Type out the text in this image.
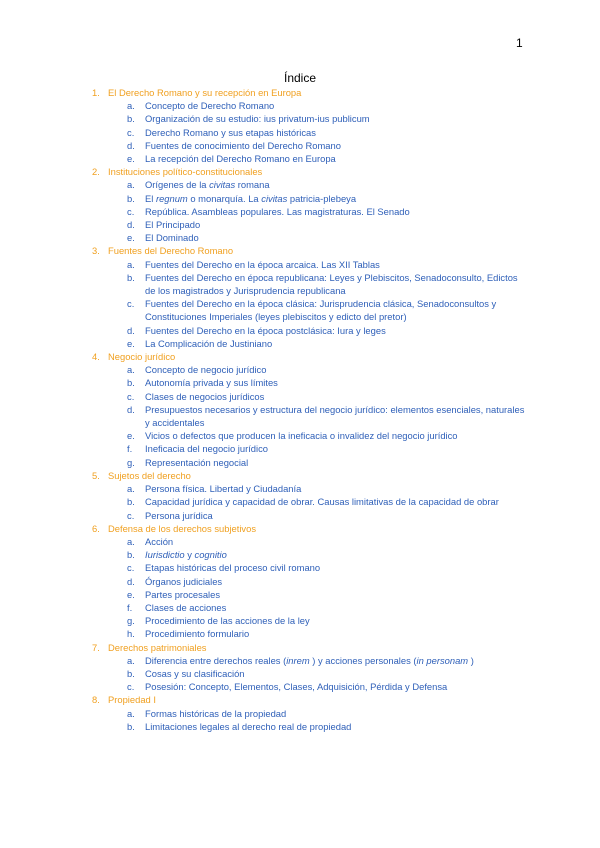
1
Índice
1. El Derecho Romano y su recepción en Europa
a. Concepto de Derecho Romano
b. Organización de su estudio: ius privatum-ius publicum
c. Derecho Romano y sus etapas históricas
d. Fuentes de conocimiento del Derecho Romano
e. La recepción del Derecho Romano en Europa
2. Instituciones político-constitucionales
a. Orígenes de la civitas romana
b. El regnum o monarquía. La civitas patricia-plebeya
c. República. Asambleas populares. Las magistraturas. El Senado
d. El Principado
e. El Dominado
3. Fuentes del Derecho Romano
a. Fuentes del Derecho en la época arcaica. Las XII Tablas
b. Fuentes del Derecho en época republicana: Leyes y Plebiscitos, Senadoconsulto, Edictos de los magistrados y Jurisprudencia republicana
c. Fuentes del Derecho en la época clásica: Jurisprudencia clásica, Senadoconsultos y Constituciones Imperiales (leyes plebiscitos y edicto del pretor)
d. Fuentes del Derecho en la época postclásica: Iura y leges
e. La Complicación de Justiniano
4. Negocio jurídico
a. Concepto de negocio jurídico
b. Autonomía privada y sus límites
c. Clases de negocios jurídicos
d. Presupuestos necesarios y estructura del negocio jurídico: elementos esenciales, naturales y accidentales
e. Vicios o defectos que producen la ineficacia o invalidez del negocio jurídico
f. Ineficacia del negocio jurídico
g. Representación negocial
5. Sujetos del derecho
a. Persona física. Libertad y Ciudadanía
b. Capacidad jurídica y capacidad de obrar. Causas limitativas de la capacidad de obrar
c. Persona jurídica
6. Defensa de los derechos subjetivos
a. Acción
b. Iurisdictio y cognitio
c. Etapas históricas del proceso civil romano
d. Órganos judiciales
e. Partes procesales
f. Clases de acciones
g. Procedimiento de las acciones de la ley
h. Procedimiento formulario
7. Derechos patrimoniales
a. Diferencia entre derechos reales (inrem ) y acciones personales (in personam )
b. Cosas y su clasificación
c. Posesión: Concepto, Elementos, Clases, Adquisición, Pérdida y Defensa
8. Propiedad I
a. Formas históricas de la propiedad
b. Limitaciones legales al derecho real de propiedad
